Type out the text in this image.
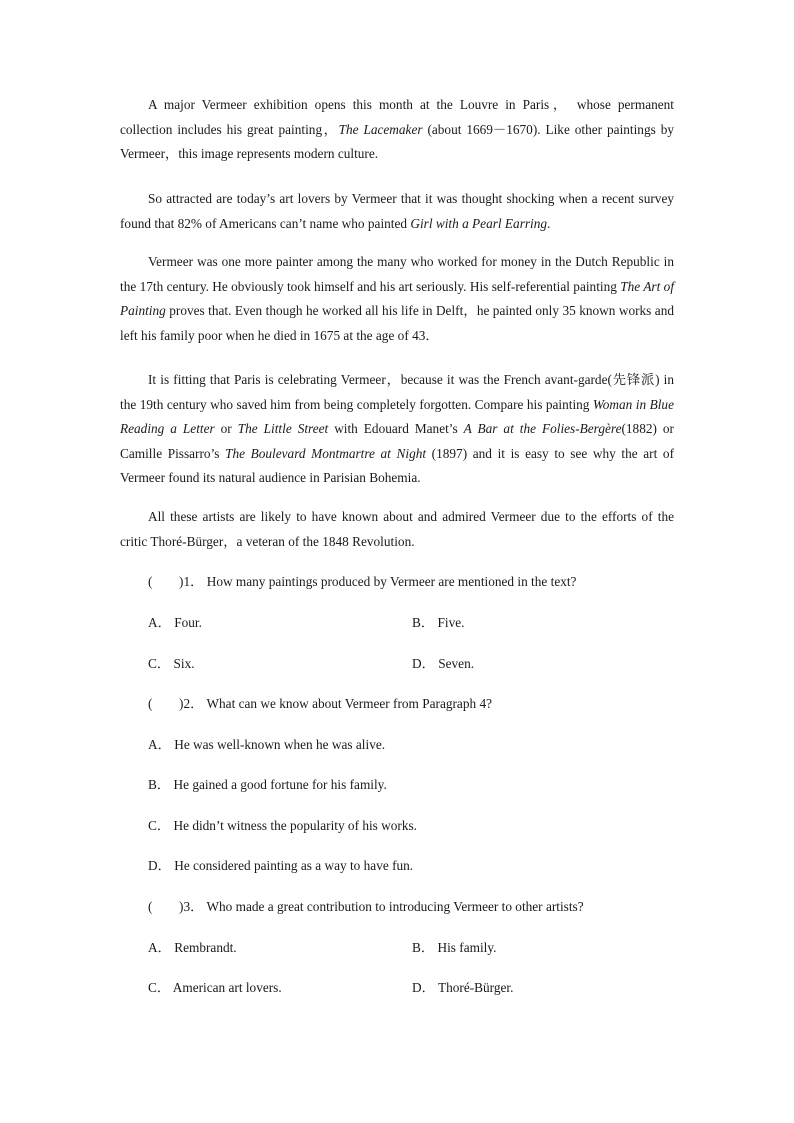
A major Vermeer exhibition opens this month at the Louvre in Paris， whose permanent collection includes his great painting，The Lacemaker (about 1669－1670). Like other paintings by Vermeer，this image represents modern culture.

So attracted are today’s art lovers by Vermeer that it was thought shocking when a recent survey found that 82% of Americans can’t name who painted Girl with a Pearl Earring.

Vermeer was one more painter among the many who worked for money in the Dutch Republic in the 17th century. He obviously took himself and his art seriously. His self-referential painting The Art of Painting proves that. Even though he worked all his life in Delft，he painted only 35 known works and left his family poor when he died in 1675 at the age of 43．

It is fitting that Paris is celebrating Vermeer，because it was the French avant-garde(先锋派) in the 19th century who saved him from being completely forgotten. Compare his painting Woman in Blue Reading a Letter or The Little Street with Edouard Manet’s A Bar at the Folies-Bergère(1882) or Camille Pissarro’s The Boulevard Montmartre at Night (1897) and it is easy to see why the art of Vermeer found its natural audience in Parisian Bohemia.

All these artists are likely to have known about and admired Vermeer due to the efforts of the critic Thoré-Bürger，a veteran of the 1848 Revolution.

(　　)1． How many paintings produced by Vermeer are mentioned in the text?
A． Four.	B． Five.
C． Six.	D． Seven.
(　　)2． What can we know about Vermeer from Paragraph 4?
A． He was well-known when he was alive.
B． He gained a good fortune for his family.
C． He didn’t witness the popularity of his works.
D． He considered painting as a way to have fun.
(　　)3． Who made a great contribution to introducing Vermeer to other artists?
A． Rembrandt.	B． His family.
C． American art lovers.	D． Thoré-Bürger.
